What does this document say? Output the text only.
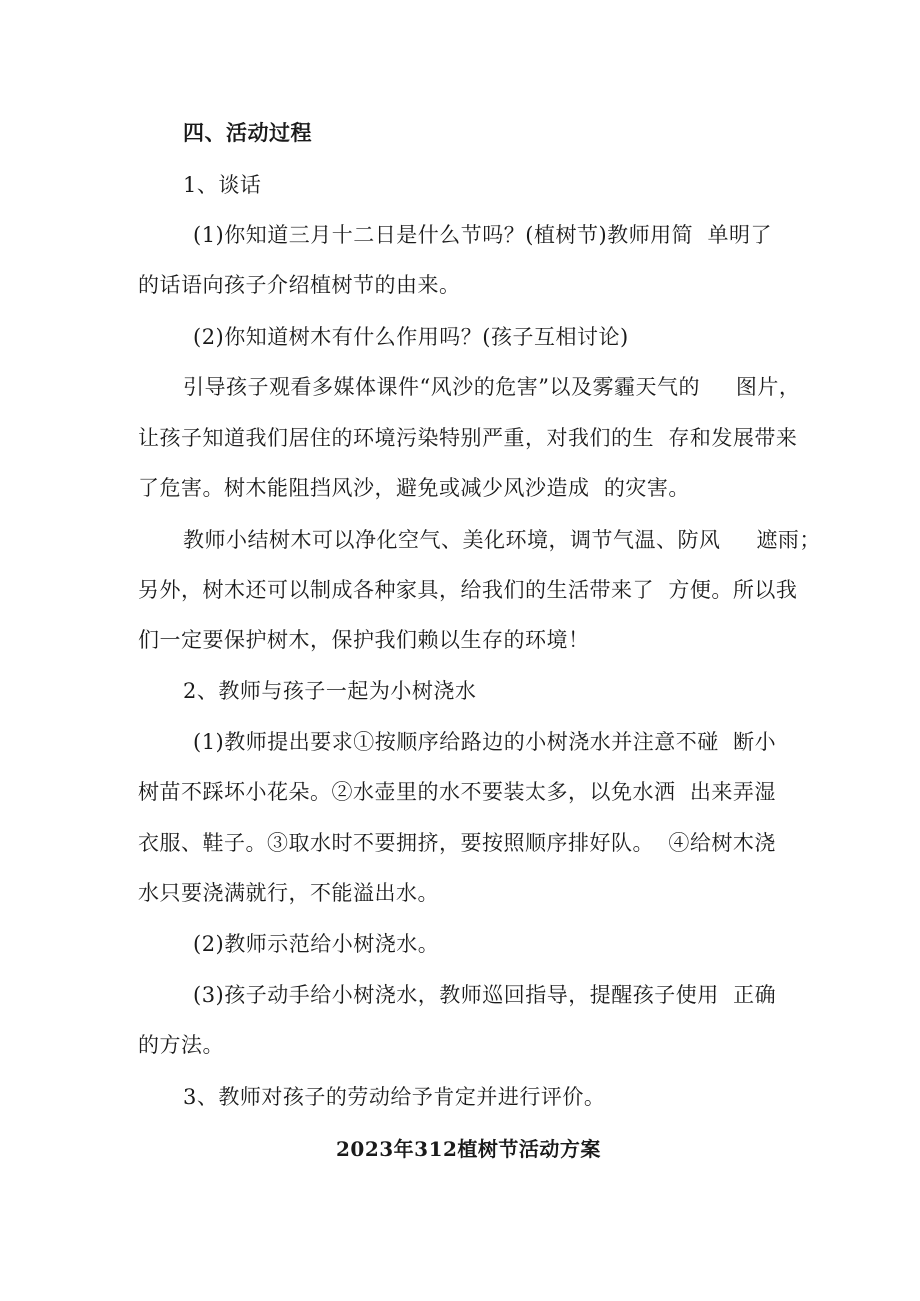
四、活动过程
1、谈话
(1)你知道三月十二日是什么节吗？(植树节)教师用简  单明了
的话语向孩子介绍植树节的由来。
(2)你知道树木有什么作用吗？(孩子互相讨论)
引导孩子观看多媒体课件“风沙的危害”以及雾霾天气的     图片，
让孩子知道我们居住的环境污染特别严重，对我们的生  存和发展带来
了危害。树木能阻挡风沙，避免或减少风沙造成  的灾害。
教师小结树木可以净化空气、美化环境，调节气温、防风     遮雨；
另外，树木还可以制成各种家具，给我们的生活带来了  方便。所以我
们一定要保护树木，保护我们赖以生存的环境！
2、教师与孩子一起为小树浇水
(1)教师提出要求①按顺序给路边的小树浇水并注意不碰  断小
树苗不踩坏小花朵。②水壶里的水不要装太多，以免水洒  出来弄湿
衣服、鞋子。③取水时不要拥挤，要按照顺序排好队。  ④给树木浇
水只要浇满就行，不能溢出水。
(2)教师示范给小树浇水。
(3)孩子动手给小树浇水，教师巡回指导，提醒孩子使用  正确
的方法。
3、教师对孩子的劳动给予肯定并进行评价。
2023年312植树节活动方案
